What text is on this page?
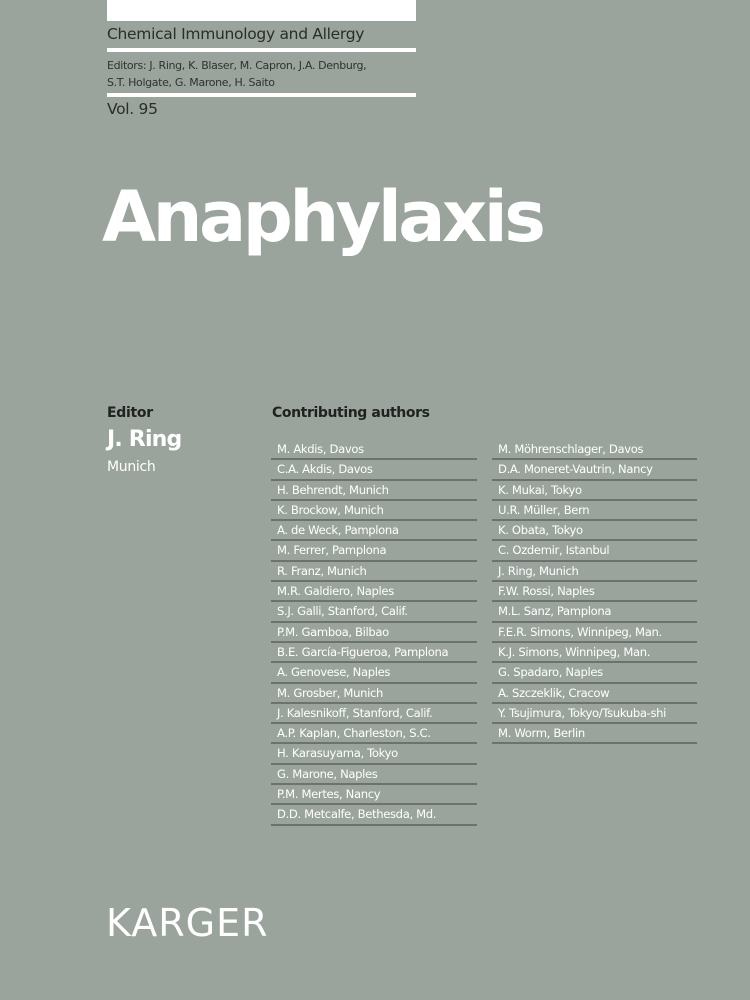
Chemical Immunology and Allergy
Editors: J. Ring, K. Blaser, M. Capron, J.A. Denburg,
S.T. Holgate, G. Marone, H. Saito
Vol. 95
Anaphylaxis
Editor
J. Ring
Munich
Contributing authors
M. Akdis, Davos
C.A. Akdis, Davos
H. Behrendt, Munich
K. Brockow, Munich
A. de Weck, Pamplona
M. Ferrer, Pamplona
R. Franz, Munich
M.R. Galdiero, Naples
S.J. Galli, Stanford, Calif.
P.M. Gamboa, Bilbao
B.E. García-Figueroa, Pamplona
A. Genovese, Naples
M. Grosber, Munich
J. Kalesnikoff, Stanford, Calif.
A.P. Kaplan, Charleston, S.C.
H. Karasuyama, Tokyo
G. Marone, Naples
P.M. Mertes, Nancy
D.D. Metcalfe, Bethesda, Md.
M. Möhrenschlager, Davos
D.A. Moneret-Vautrin, Nancy
K. Mukai, Tokyo
U.R. Müller, Bern
K. Obata, Tokyo
C. Ozdemir, Istanbul
J. Ring, Munich
F.W. Rossi, Naples
M.L. Sanz, Pamplona
F.E.R. Simons, Winnipeg, Man.
K.J. Simons, Winnipeg, Man.
G. Spadaro, Naples
A. Szczeklik, Cracow
Y. Tsujimura, Tokyo/Tsukuba-shi
M. Worm, Berlin
KARGER
